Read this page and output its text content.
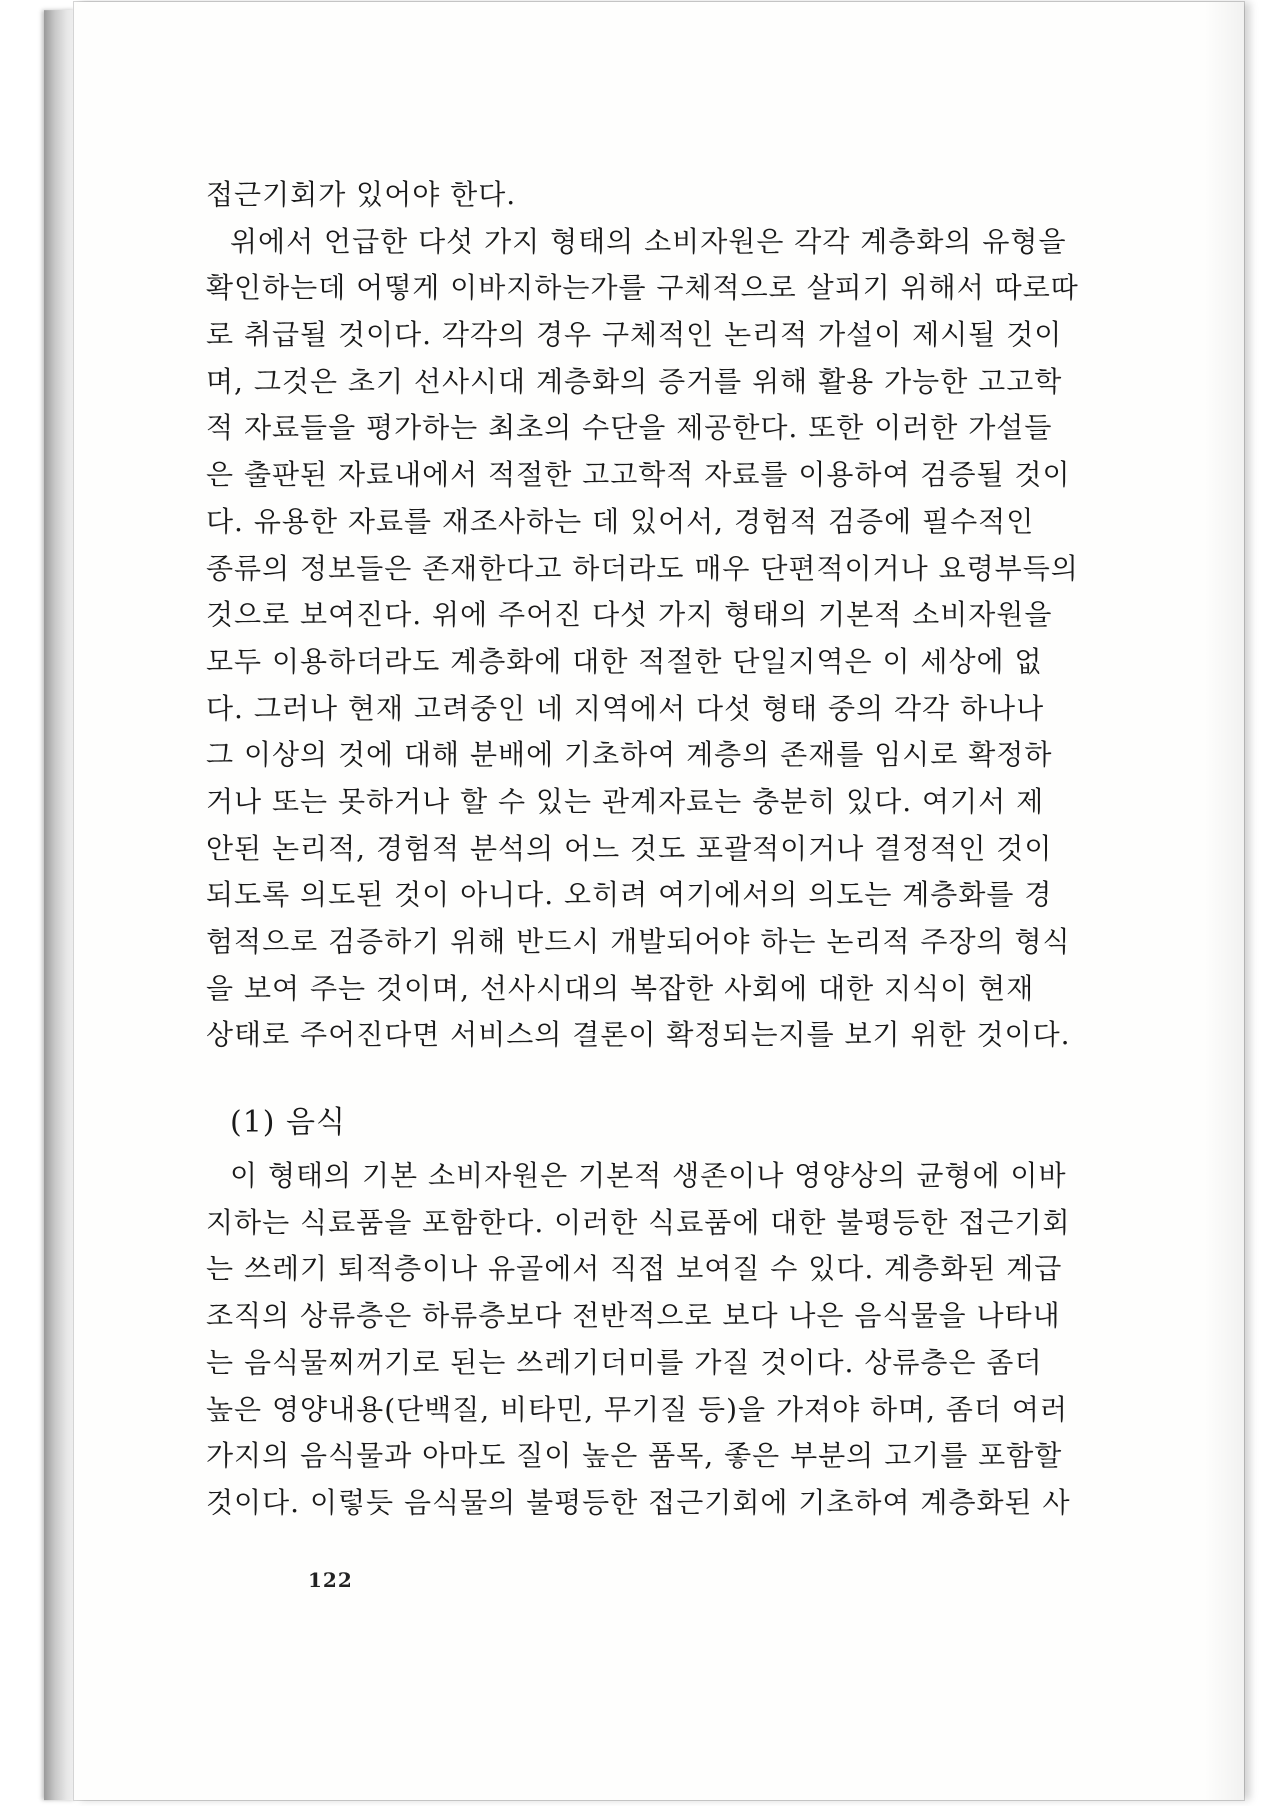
접근기회가 있어야 한다.
위에서 언급한 다섯 가지 형태의 소비자원은 각각 계층화의 유형을
확인하는데 어떻게 이바지하는가를 구체적으로 살피기 위해서 따로따
로 취급될 것이다. 각각의 경우 구체적인 논리적 가설이 제시될 것이
며, 그것은 초기 선사시대 계층화의 증거를 위해 활용 가능한 고고학
적 자료들을 평가하는 최초의 수단을 제공한다. 또한 이러한 가설들
은 출판된 자료내에서 적절한 고고학적 자료를 이용하여 검증될 것이
다. 유용한 자료를 재조사하는 데 있어서, 경험적 검증에 필수적인
종류의 정보들은 존재한다고 하더라도 매우 단편적이거나 요령부득의
것으로 보여진다. 위에 주어진 다섯 가지 형태의 기본적 소비자원을
모두 이용하더라도 계층화에 대한 적절한 단일지역은 이 세상에 없
다. 그러나 현재 고려중인 네 지역에서 다섯 형태 중의 각각 하나나
그 이상의 것에 대해 분배에 기초하여 계층의 존재를 임시로 확정하
거나 또는 못하거나 할 수 있는 관계자료는 충분히 있다. 여기서 제
안된 논리적, 경험적 분석의 어느 것도 포괄적이거나 결정적인 것이
되도록 의도된 것이 아니다. 오히려 여기에서의 의도는 계층화를 경
험적으로 검증하기 위해 반드시 개발되어야 하는 논리적 주장의 형식
을 보여 주는 것이며, 선사시대의 복잡한 사회에 대한 지식이 현재
상태로 주어진다면 서비스의 결론이 확정되는지를 보기 위한 것이다.
(1) 음식
이 형태의 기본 소비자원은 기본적 생존이나 영양상의 균형에 이바
지하는 식료품을 포함한다. 이러한 식료품에 대한 불평등한 접근기회
는 쓰레기 퇴적층이나 유골에서 직접 보여질 수 있다. 계층화된 계급
조직의 상류층은 하류층보다 전반적으로 보다 나은 음식물을 나타내
는 음식물찌꺼기로 된는 쓰레기더미를 가질 것이다. 상류층은 좀더
높은 영양내용(단백질, 비타민, 무기질 등)을 가져야 하며, 좀더 여러
가지의 음식물과 아마도 질이 높은 품목, 좋은 부분의 고기를 포함할
것이다. 이렇듯 음식물의 불평등한 접근기회에 기초하여 계층화된 사
122
